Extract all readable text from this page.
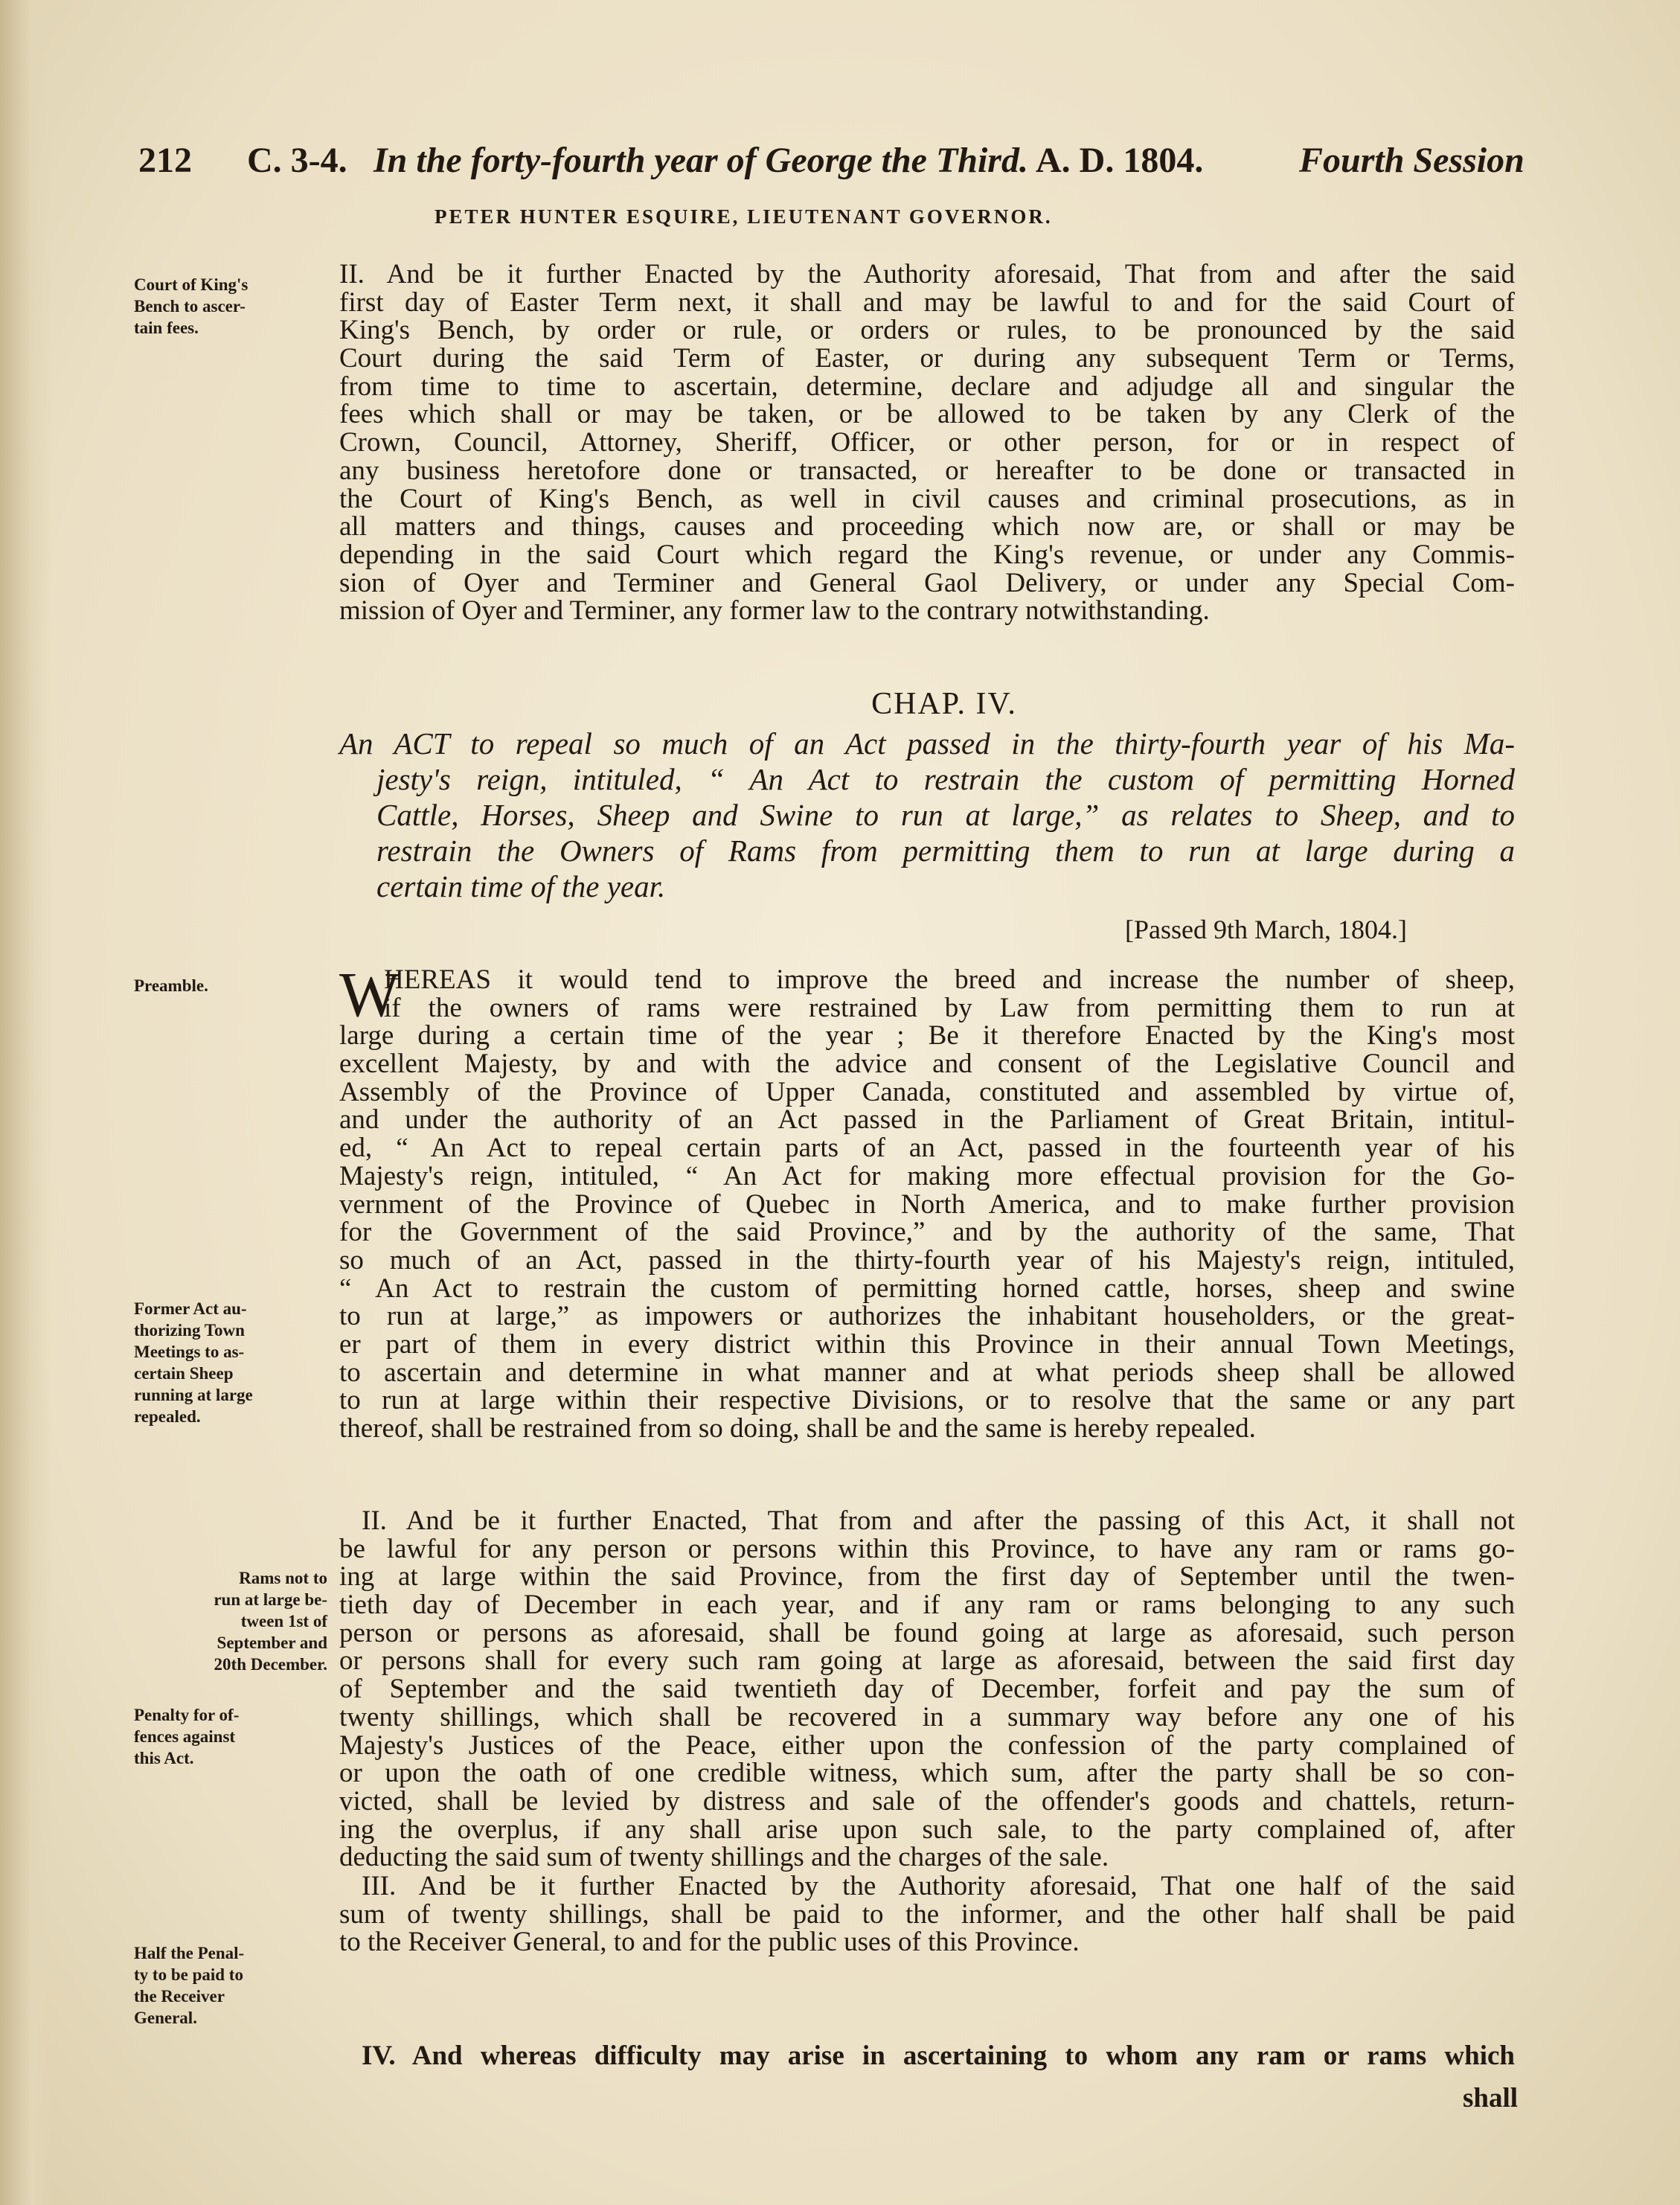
212 C. 3-4. In the forty-fourth year of George the Third. A. D. 1804.	Fourth Session
PETER HUNTER ESQUIRE, LIEUTENANT GOVERNOR.
Court of King's
Bench to ascer-
tain fees.
Preamble.
Former Act au-
thorizing Town
Meetings to as-
certain Sheep
running at large
repealed.
Rams not to
run at large be-
tween 1st of
September and
20th December.
Penalty for of-
fences against
this Act.
Half the Penal-
ty to be paid to
the Receiver
General.
II. And be it further Enacted by the Authority aforesaid, That from and after the said
first day of Easter Term next, it shall and may be lawful to and for the said Court of
King's Bench, by order or rule, or orders or rules, to be pronounced by the said
Court during the said Term of Easter, or during any subsequent Term or Terms,
from time to time to ascertain, determine, declare and adjudge all and singular the
fees which shall or may be taken, or be allowed to be taken by any Clerk of the
Crown, Council, Attorney, Sheriff, Officer, or other person, for or in respect of
any business heretofore done or transacted, or hereafter to be done or transacted in
the Court of King's Bench, as well in civil causes and criminal prosecutions, as in
all matters and things, causes and proceeding which now are, or shall or may be
depending in the said Court which regard the King's revenue, or under any Commis-
sion of Oyer and Terminer and General Gaol Delivery, or under any Special Com-
mission of Oyer and Terminer, any former law to the contrary notwithstanding.
CHAP. IV.
An ACT to repeal so much of an Act passed in the thirty-fourth year of his Ma-
jesty's reign, intituled, “ An Act to restrain the custom of permitting Horned
Cattle, Horses, Sheep and Swine to run at large,” as relates to Sheep, and to
restrain the Owners of Rams from permitting them to run at large during a
certain time of the year.
[Passed 9th March, 1804.]
W
HEREAS it would tend to improve the breed and increase the number of sheep,
if the owners of rams were restrained by Law from permitting them to run at
large during a certain time of the year ; Be it therefore Enacted by the King's most
excellent Majesty, by and with the advice and consent of the Legislative Council and
Assembly of the Province of Upper Canada, constituted and assembled by virtue of,
and under the authority of an Act passed in the Parliament of Great Britain, intitul-
ed, “ An Act to repeal certain parts of an Act, passed in the fourteenth year of his
Majesty's reign, intituled, “ An Act for making more effectual provision for the Go-
vernment of the Province of Quebec in North America, and to make further provision
for the Government of the said Province,” and by the authority of the same, That
so much of an Act, passed in the thirty-fourth year of his Majesty's reign, intituled,
“ An Act to restrain the custom of permitting horned cattle, horses, sheep and swine
to run at large,” as impowers or authorizes the inhabitant householders, or the great-
er part of them in every district within this Province in their annual Town Meetings,
to ascertain and determine in what manner and at what periods sheep shall be allowed
to run at large within their respective Divisions, or to resolve that the same or any part
thereof, shall be restrained from so doing, shall be and the same is hereby repealed.
II. And be it further Enacted, That from and after the passing of this Act, it shall not
be lawful for any person or persons within this Province, to have any ram or rams go-
ing at large within the said Province, from the first day of September until the twen-
tieth day of December in each year, and if any ram or rams belonging to any such
person or persons as aforesaid, shall be found going at large as aforesaid, such person
or persons shall for every such ram going at large as aforesaid, between the said first day
of September and the said twentieth day of December, forfeit and pay the sum of
twenty shillings, which shall be recovered in a summary way before any one of his
Majesty's Justices of the Peace, either upon the confession of the party complained of
or upon the oath of one credible witness, which sum, after the party shall be so con-
victed, shall be levied by distress and sale of the offender's goods and chattels, return-
ing the overplus, if any shall arise upon such sale, to the party complained of, after
deducting the said sum of twenty shillings and the charges of the sale.
III. And be it further Enacted by the Authority aforesaid, That one half of the said
sum of twenty shillings, shall be paid to the informer, and the other half shall be paid
to the Receiver General, to and for the public uses of this Province.
IV. And whereas difficulty may arise in ascertaining to whom any ram or rams which
shall
